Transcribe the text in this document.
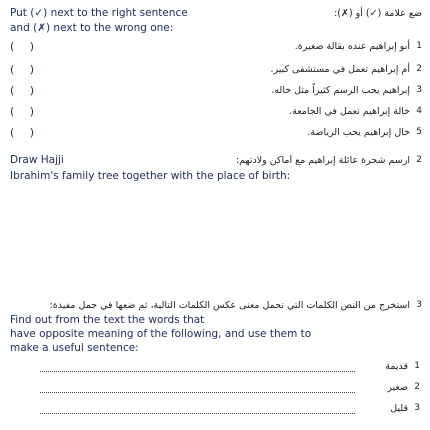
Put (✓) next to the right sentence
and (✗) next to the wrong one:
ضع علامة (✓) أو (✗):
( )	أبو إبراهيم عنده بقالة صغيرة. 1
( )	أم إبراهيم تعمل في مستشفى كبير. 2
( )	إبراهيم يحب الرسم كثيراً مثل خاله. 3
( )	خالة إبراهيم تعمل في الجامعة. 4
( )	خال إبراهيم يحب الرياضة. 5
Draw Hajji	ارسم شجرة عائلة إبراهيم مع أماكن ولادتهم: 2
Ibrahim's family tree together with the place of birth:
استخرج من النص الكلمات التي تحمل معنى عكس الكلمات التالية، ثم ضعها في جمل مفيدة: 3
Find out from the text the words that
have opposite meaning of the following, and use them to
make a useful sentence:
قديمة 1
صغير 2
قليل 3
